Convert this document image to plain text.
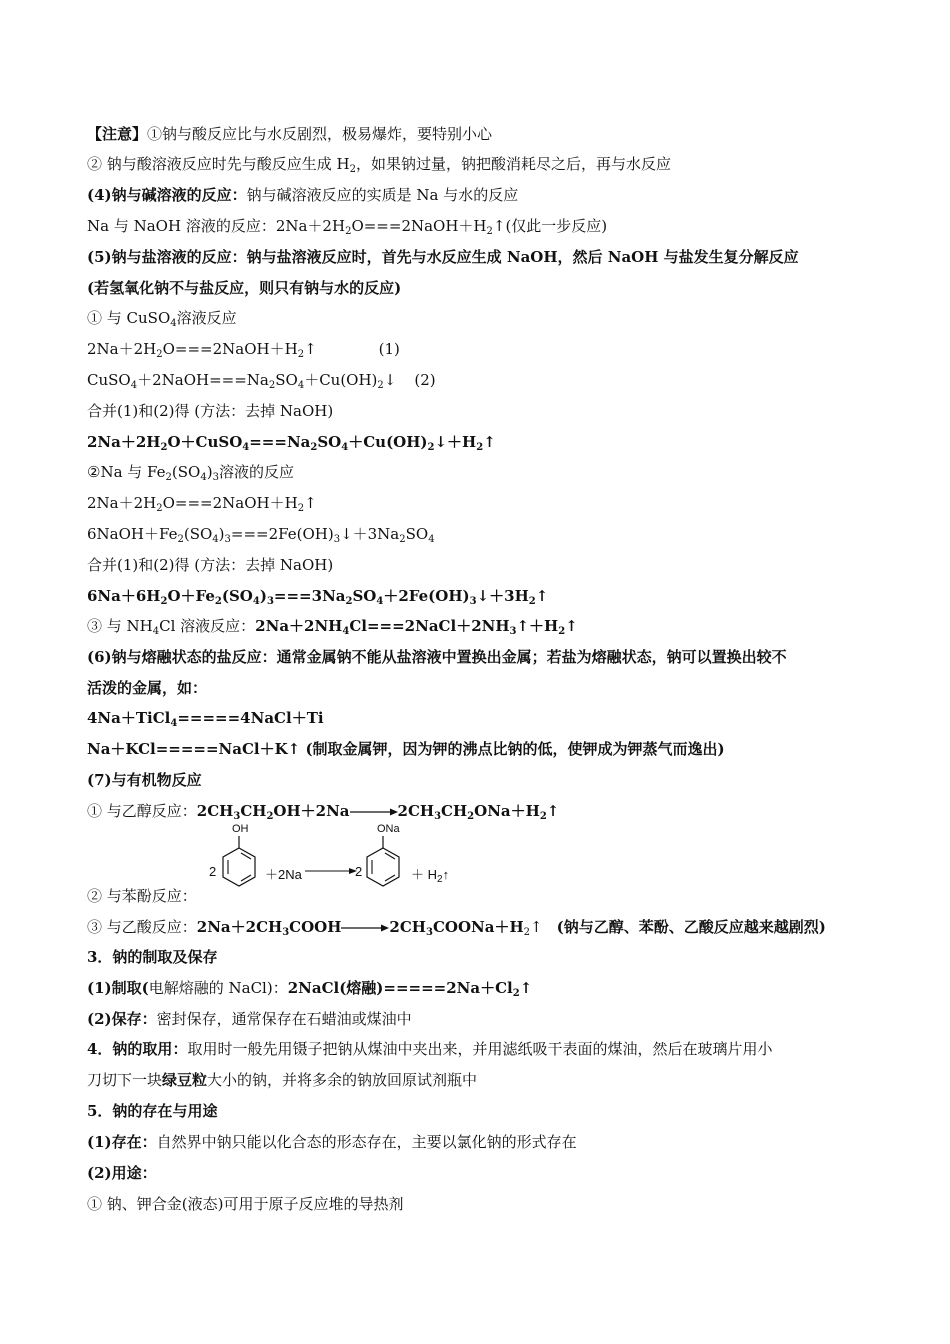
【注意】①钠与酸反应比与水反剧烈，极易爆炸，要特别小心
② 钠与酸溶液反应时先与酸反应生成 $H_2$，如果钠过量，钠把酸消耗尽之后，再与水反应
(4)钠与碱溶液的反应：钠与碱溶液反应的实质是 Na 与水的反应
Na 与 NaOH 溶液的反应：$2Na+2H_2O===2NaOH+H_2↑$(仅此一步反应)
(5)钠与盐溶液的反应：钠与盐溶液反应时，首先与水反应生成 NaOH，然后 NaOH 与盐发生复分解反应
(若氢氧化钠不与盐反应，则只有钠与水的反应)
① 与 CuSO$_4$溶液反应
$2Na+2H_2O===2NaOH+H_2↑$	(1)
$CuSO_4+2NaOH===Na_2SO_4+Cu(OH)_2↓$ (2)
合并(1)和(2)得 (方法：去掉 NaOH)
$2Na+2H_2O+CuSO_4===Na_2SO_4+Cu(OH)_2↓+H_2↑$
②Na 与 $Fe_2(SO_4)_3$溶液的反应
$2Na+2H_2O===2NaOH+H_2↑$
$6NaOH+Fe_2(SO_4)_3===2Fe(OH)_3↓+3Na_2SO_4$
合并(1)和(2)得 (方法：去掉 NaOH)
$6Na+6H_2O+Fe_2(SO_4)_3===3Na_2SO_4+2Fe(OH)_3↓+3H_2↑$
③ 与 $NH_4Cl$ 溶液反应：$2Na+2NH_4Cl===2NaCl+2NH_3↑+H_2↑$
(6)钠与熔融状态的盐反应：通常金属钠不能从盐溶液中置换出金属；若盐为熔融状态，钠可以置换出较不
活泼的金属，如：
4Na＋TiCl$_4$=====4NaCl＋Ti
Na＋KCl=====NaCl＋K↑ (制取金属钾，因为钾的沸点比钠的低，使钾成为钾蒸气而逸出)
(7)与有机物反应
① 与乙醇反应：$2CH_3CH_2OH+2Na\to 2CH_3CH_2ONa+H_2↑$
2
OH
＋2Na →
2
ONa
＋ $H_2↑$
② 与苯酚反应：
③ 与乙酸反应：$2Na+2CH_3COOH\to 2CH_3COONa+H_2↑$ (钠与乙醇、苯酚、乙酸反应越来越剧烈)
3．钠的制取及保存
(1)制取(电解熔融的 NaCl)：2NaCl(熔融)$=====2Na+Cl_2↑$
(2)保存：密封保存，通常保存在石蜡油或煤油中
4．钠的取用：取用时一般先用镊子把钠从煤油中夹出来，并用滤纸吸干表面的煤油，然后在玻璃片用小
刀切下一块绿豆粒大小的钠，并将多余的钠放回原试剂瓶中
5．钠的存在与用途
(1)存在：自然界中钠只能以化合态的形态存在，主要以氯化钠的形式存在
(2)用途：
① 钠、钾合金(液态)可用于原子反应堆的导热剂
